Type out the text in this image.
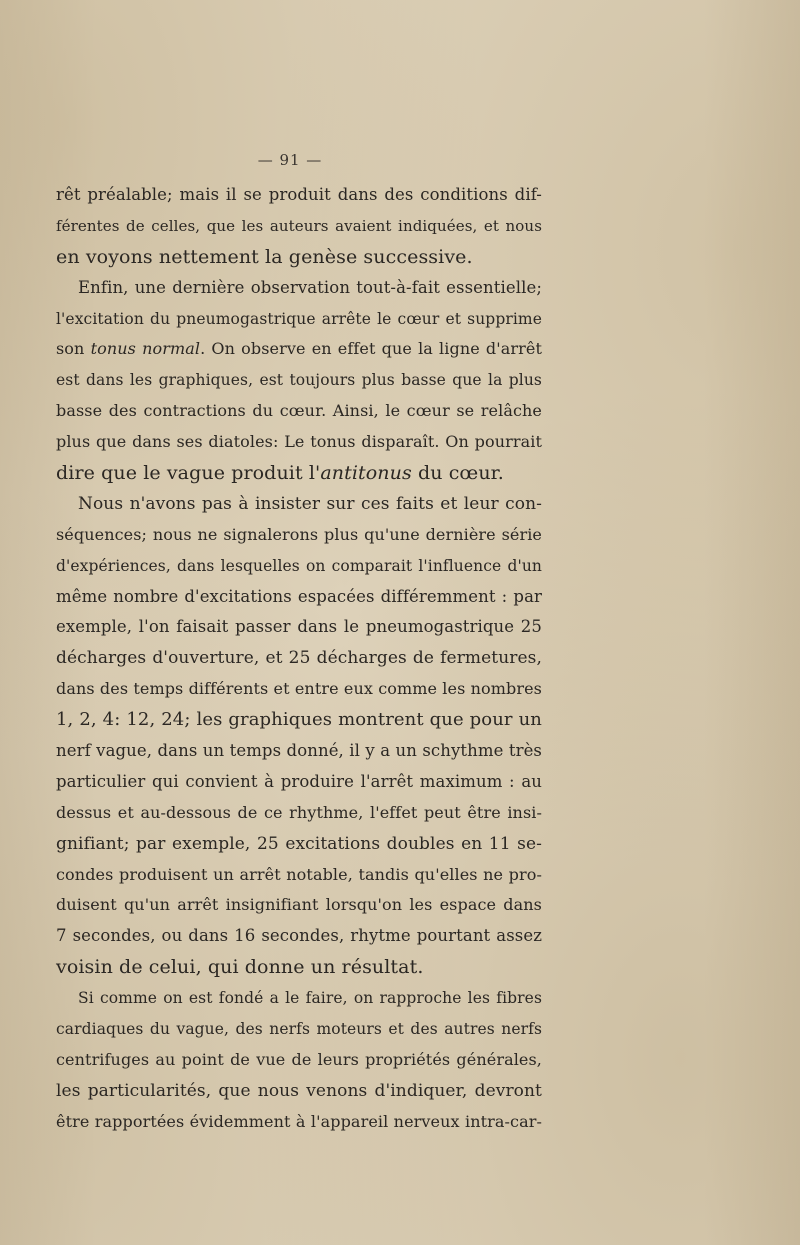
— 91 —
rêt préalable; mais il se produit dans des conditions dif-
férentes de celles, que les auteurs avaient indiquées, et nous
en voyons nettement la genèse successive.
Enfin, une dernière observation tout-à-fait essentielle;
l'excitation du pneumogastrique arrête le cœur et supprime
son tonus normal. On observe en effet que la ligne d'arrêt
est dans les graphiques, est toujours plus basse que la plus
basse des contractions du cœur. Ainsi, le cœur se relâche
plus que dans ses diatoles: Le tonus disparaît. On pourrait
dire que le vague produit l'antitonus du cœur.
Nous n'avons pas à insister sur ces faits et leur con-
séquences; nous ne signalerons plus qu'une dernière série
d'expériences, dans lesquelles on comparait l'influence d'un
même nombre d'excitations espacées différemment : par
exemple, l'on faisait passer dans le pneumogastrique 25
décharges d'ouverture, et 25 décharges de fermetures,
dans des temps différents et entre eux comme les nombres
1, 2, 4: 12, 24; les graphiques montrent que pour un
nerf vague, dans un temps donné, il y a un schythme très
particulier qui convient à produire l'arrêt maximum : au
dessus et au-dessous de ce rhythme, l'effet peut être insi-
gnifiant; par exemple, 25 excitations doubles en 11 se-
condes produisent un arrêt notable, tandis qu'elles ne pro-
duisent qu'un arrêt insignifiant lorsqu'on les espace dans
7 secondes, ou dans 16 secondes, rhytme pourtant assez
voisin de celui, qui donne un résultat.
Si comme on est fondé a le faire, on rapproche les fibres
cardiaques du vague, des nerfs moteurs et des autres nerfs
centrifuges au point de vue de leurs propriétés générales,
les particularités, que nous venons d'indiquer, devront
être rapportées évidemment à l'appareil nerveux intra-car-
